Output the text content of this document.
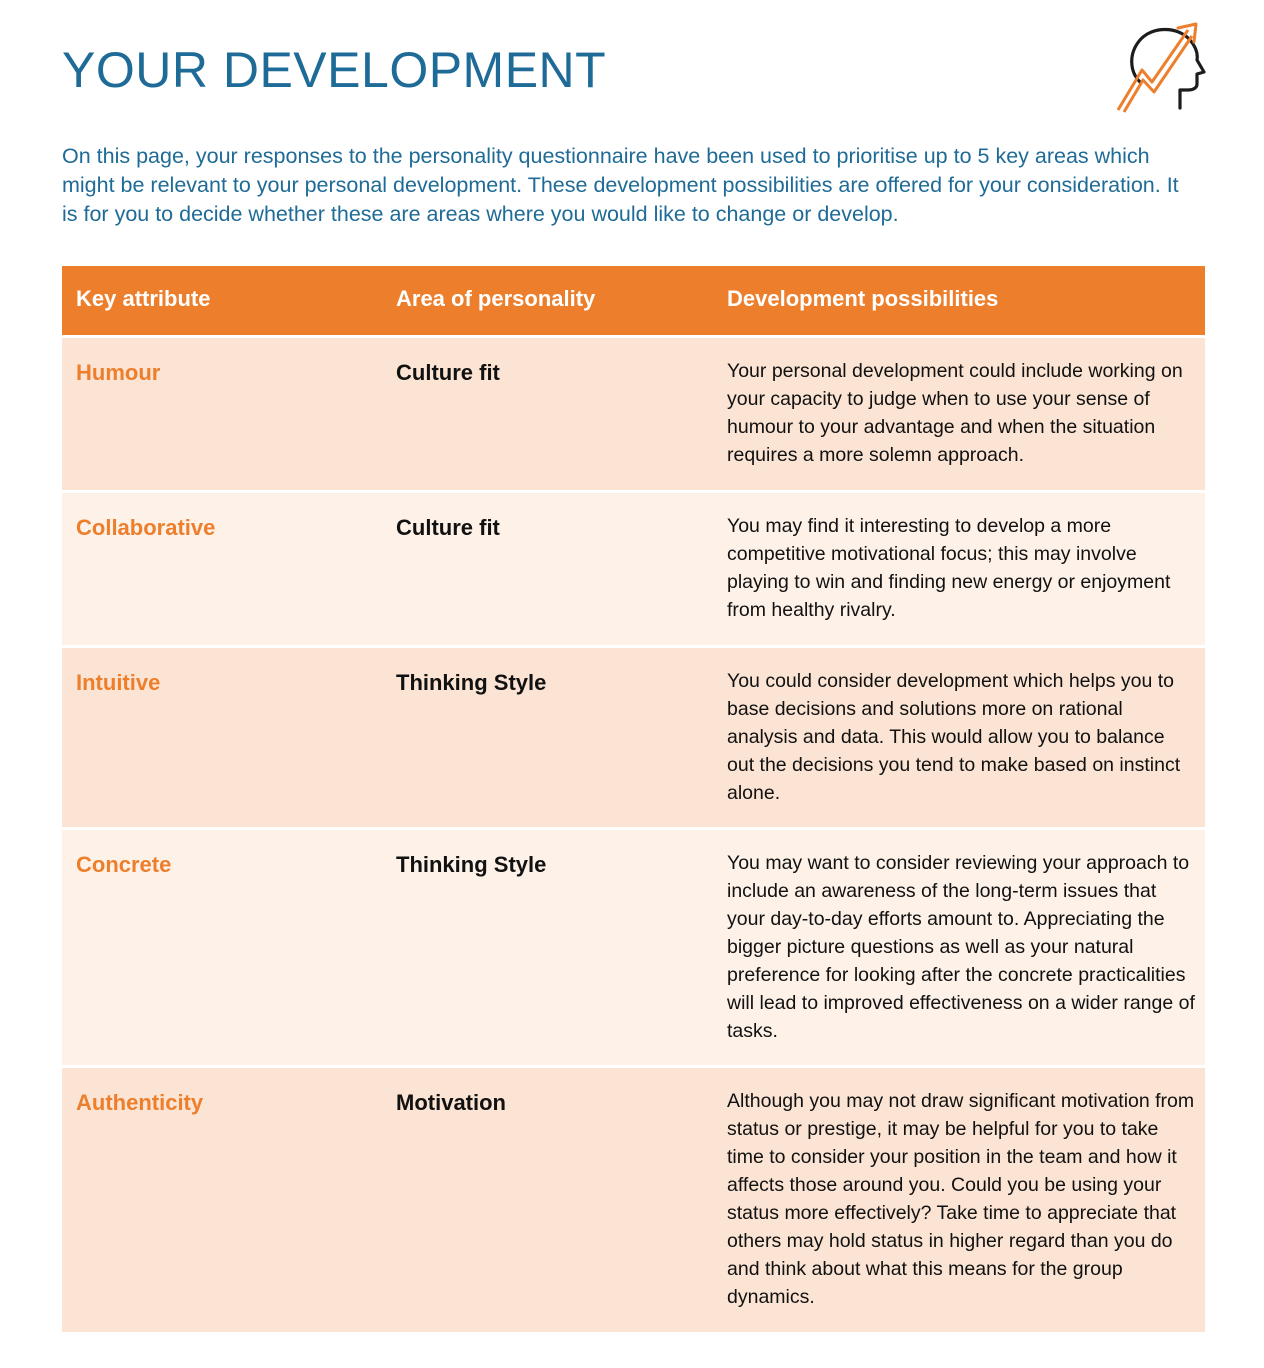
YOUR DEVELOPMENT
On this page, your responses to the personality questionnaire have been used to prioritise up to 5 key areas which might be relevant to your personal development. These development possibilities are offered for your consideration. It is for you to decide whether these are areas where you would like to change or develop.
Key attribute	Area of personality	Development possibilities
Humour	Culture fit	Your personal development could include working on your capacity to judge when to use your sense of humour to your advantage and when the situation requires a more solemn approach.
Collaborative	Culture fit	You may find it interesting to develop a more competitive motivational focus; this may involve playing to win and finding new energy or enjoyment from healthy rivalry.
Intuitive	Thinking Style	You could consider development which helps you to base decisions and solutions more on rational analysis and data. This would allow you to balance out the decisions you tend to make based on instinct alone.
Concrete	Thinking Style	You may want to consider reviewing your approach to include an awareness of the long-term issues that your day-to-day efforts amount to. Appreciating the bigger picture questions as well as your natural preference for looking after the concrete practicalities will lead to improved effectiveness on a wider range of tasks.
Authenticity	Motivation	Although you may not draw significant motivation from status or prestige, it may be helpful for you to take time to consider your position in the team and how it affects those around you. Could you be using your status more effectively? Take time to appreciate that others may hold status in higher regard than you do and think about what this means for the group dynamics.
